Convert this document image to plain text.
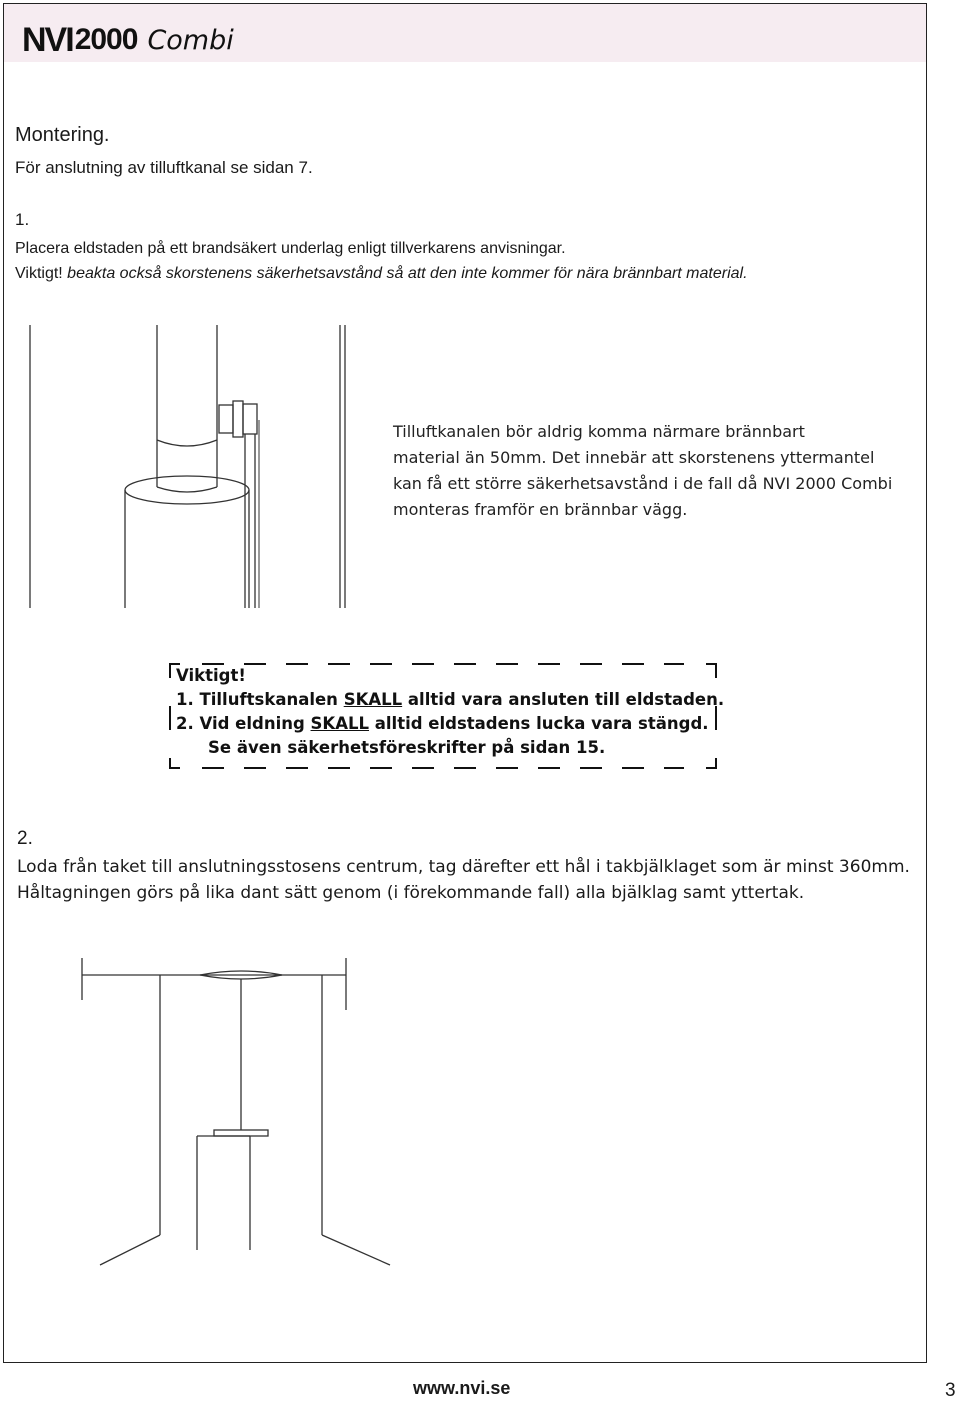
NVI 2000 Combi
Montering.
För anslutning av tilluftkanal se sidan 7.
1.
Placera eldstaden på ett brandsäkert underlag enligt tillverkarens anvisningar.
Viktigt! beakta också skorstenens säkerhetsavstånd så att den inte kommer för nära brännbart material.
Tilluftkanalen bör aldrig komma närmare brännbart
material än 50mm. Det innebär att skorstenens yttermantel
kan få ett större säkerhetsavstånd i de fall då NVI 2000 Combi
monteras framför en brännbar vägg.
Viktigt!
1. Tilluftskanalen SKALL alltid vara ansluten till eldstaden.
2. Vid eldning SKALL alltid eldstadens lucka vara stängd.
Se även säkerhetsföreskrifter på sidan 15.
2.
Loda från taket till anslutningsstosens centrum, tag därefter ett hål i takbjälklaget som är minst 360mm.
Håltagningen görs på lika dant sätt genom (i förekommande fall) alla bjälklag samt yttertak.
www.nvi.se	3
